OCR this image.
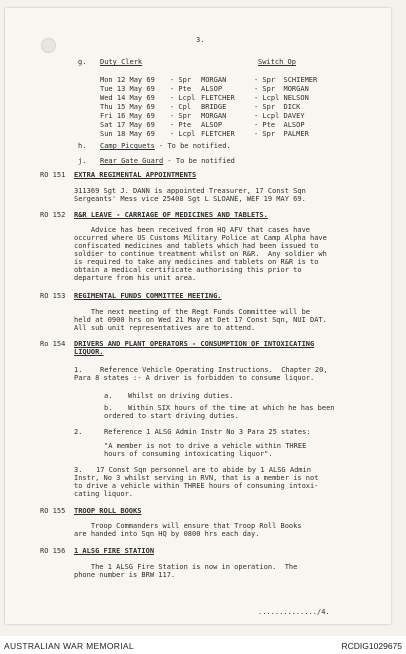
3.
g. Duty Clerk	Switch Op
Mon 12 May 69 - Spr MORGAN	- Spr  SCHIEMER
Tue 13 May 69 - Pte ALSOP	- Spr  MORGAN
Wed 14 May 69 - Lcpl FLETCHER	- Lcpl NELSON
Thu 15 May 69 - Cpl BRIDGE	- Spr  DICK
Fri 16 May 69 - Spr MORGAN	- Lcpl DAVEY
Sat 17 May 69 - Pte ALSOP	- Pte  ALSOP
Sun 18 May 69 - Lcpl FLETCHER	- Spr  PALMER
h. Camp Picquets - To be notified.
j. Rear Gate Guard - To be notified
RO 151 EXTRA REGIMENTAL APPOINTMENTS
311369 Sgt J. DANN is appointed Treasurer, 17 Const Sqn
Sergeants' Mess vice 25408 Sgt L SLOANE, WEF 19 MAY 69.
RO 152 R&R LEAVE - CARRIAGE OF MEDICINES AND TABLETS.
Advice has been received from HQ AFV that cases have
occurred where US Customs Military Police at Camp Alpha have
confiscated medicines and tablets which had been issued to
soldier to continue treatment whilst on R&R.  Any soldier wh
is required to take any medicines and tablets on R&R is to
obtain a medical certificate authorising this prior to
departure from his unit area.
RO 153 REGIMENTAL FUNDS COMMITTEE MEETING.
The next meeting of the Regt Funds Committee will be
held at 0900 hrs on Wed 21 May at Det 17 Const Sqn, NUI DAT.
All sub unit representatives are to attend.
Ro 154 DRIVERS AND PLANT OPERATORS - CONSUMPTION OF INTOXICATING
LIQUOR.
1.	Reference Vehicle Operating Instructions.  Chapter 20,
Para 8 states :- A driver is forbidden to consume liquor.
a. Whilst on driving duties.
b. Within SIX hours of the time at which he has been
ordered to start driving duties.
2.	Reference 1 ALSG Admin Instr No 3 Para 25 states:
"A member is not to drive a vehicle within THREE
hours of consuming intoxicating liquor".
3. 17 Const Sqn personnel are to abide by 1 ALSG Admin
Instr, No 3 whilst serving in RVN, that is a member is not
to drive a vehicle within THREE hours of consuming intoxi-
cating liquor.
RO 155 TROOP ROLL BOOKS
Troop Commanders will ensure that Troop Roll Books
are handed into Sqn HQ by 0800 hrs each day.
RO 156 1 ALSG FIRE STATION
The 1 ALSG Fire Station is now in operation.  The
phone number is BRW 117.
............../4.
AUSTRALIAN WAR MEMORIAL	RCDIG1029675
